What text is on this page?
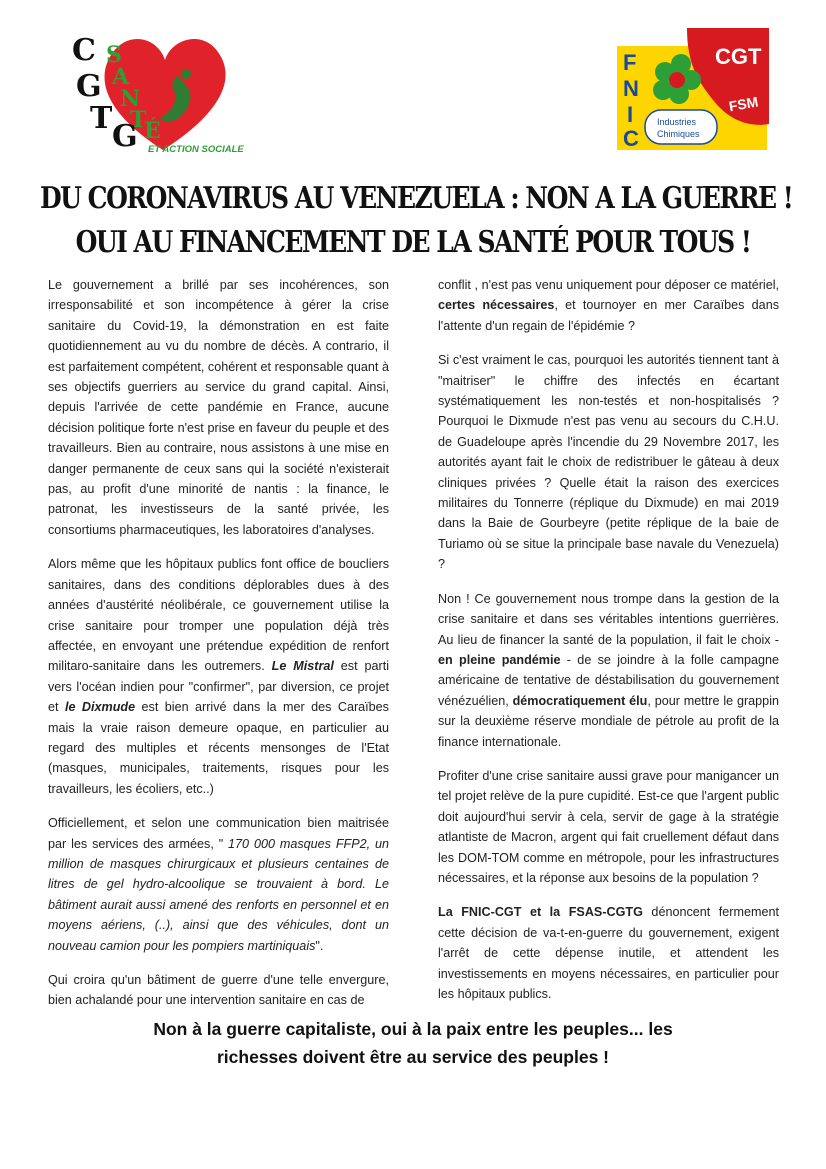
C
G
T
G
S
A
N
T
É
ET ACTION SOCIALE
F
N
I
C
CGT
FSM
Industries
Chimiques
DU CORONAVIRUS AU VENEZUELA : NON A LA GUERRE !
OUI AU FINANCEMENT DE LA SANTÉ POUR TOUS !

Le gouvernement a brillé par ses incohérences, son irresponsabilité et son incompétence à gérer la crise sanitaire du Covid-19, la démonstration en est faite quotidiennement au vu du nombre de décès. A contrario, il est parfaitement compétent, cohérent et responsable quant à ses objectifs guerriers au service du grand capital. Ainsi, depuis l'arrivée de cette pandémie en France, aucune décision politique forte n'est prise en faveur du peuple et des travailleurs. Bien au contraire, nous assistons à une mise en danger permanente de ceux sans qui la société n'existerait pas, au profit d'une minorité de nantis : la finance, le patronat, les investisseurs de la santé privée, les consortiums pharmaceutiques, les laboratoires d'analyses.

Alors même que les hôpitaux publics font office de boucliers sanitaires, dans des conditions déplorables dues à des années d'austérité néolibérale, ce gouvernement utilise la crise sanitaire pour tromper une population déjà très affectée, en envoyant une prétendue expédition de renfort militaro-sanitaire dans les outremers. Le Mistral est parti vers l'océan indien pour "confirmer", par diversion, ce projet et le Dixmude est bien arrivé dans la mer des Caraïbes mais la vraie raison demeure opaque, en particulier au regard des multiples et récents mensonges de l'Etat (masques, municipales, traitements, risques pour les travailleurs, les écoliers, etc..)

Officiellement, et selon une communication bien maitrisée par les services des armées, " 170 000 masques FFP2, un million de masques chirurgicaux et plusieurs centaines de litres de gel hydro-alcoolique se trouvaient à bord. Le bâtiment aurait aussi amené des renforts en personnel et en moyens aériens, (..), ainsi que des véhicules, dont un nouveau camion pour les pompiers martiniquais".

Qui croira qu'un bâtiment de guerre d'une telle envergure, bien achalandé pour une intervention sanitaire en cas de

conflit , n'est pas venu uniquement pour déposer ce matériel, certes nécessaires, et tournoyer en mer Caraïbes dans l'attente d'un regain de l'épidémie ?

Si c'est vraiment le cas, pourquoi les autorités tiennent tant à "maitriser" le chiffre des infectés en écartant systématiquement les non-testés et non-hospitalisés ? Pourquoi le Dixmude n'est pas venu au secours du C.H.U. de Guadeloupe après l'incendie du 29 Novembre 2017, les autorités ayant fait le choix de redistribuer le gâteau à deux cliniques privées ? Quelle était la raison des exercices militaires du Tonnerre (réplique du Dixmude) en mai 2019 dans la Baie de Gourbeyre (petite réplique de la baie de Turiamo où se situe la principale base navale du Venezuela) ?

Non ! Ce gouvernement nous trompe dans la gestion de la crise sanitaire et dans ses véritables intentions guerrières. Au lieu de financer la santé de la population, il fait le choix - en pleine pandémie - de se joindre à la folle campagne américaine de tentative de déstabilisation du gouvernement vénézuélien, démocratiquement élu, pour mettre le grappin sur la deuxième réserve mondiale de pétrole au profit de la finance internationale.

Profiter d'une crise sanitaire aussi grave pour manigancer un tel projet relève de la pure cupidité. Est-ce que l'argent public doit aujourd'hui servir à cela, servir de gage à la stratégie atlantiste de Macron, argent qui fait cruellement défaut dans les DOM-TOM comme en métropole, pour les infrastructures nécessaires, et la réponse aux besoins de la population ?

La FNIC-CGT et la FSAS-CGTG dénoncent fermement cette décision de va-t-en-guerre du gouvernement, exigent l'arrêt de cette dépense inutile, et attendent les investissements en moyens nécessaires, en particulier pour les hôpitaux publics.

Non à la guerre capitaliste, oui à la paix entre les peuples... les
richesses doivent être au service des peuples !
